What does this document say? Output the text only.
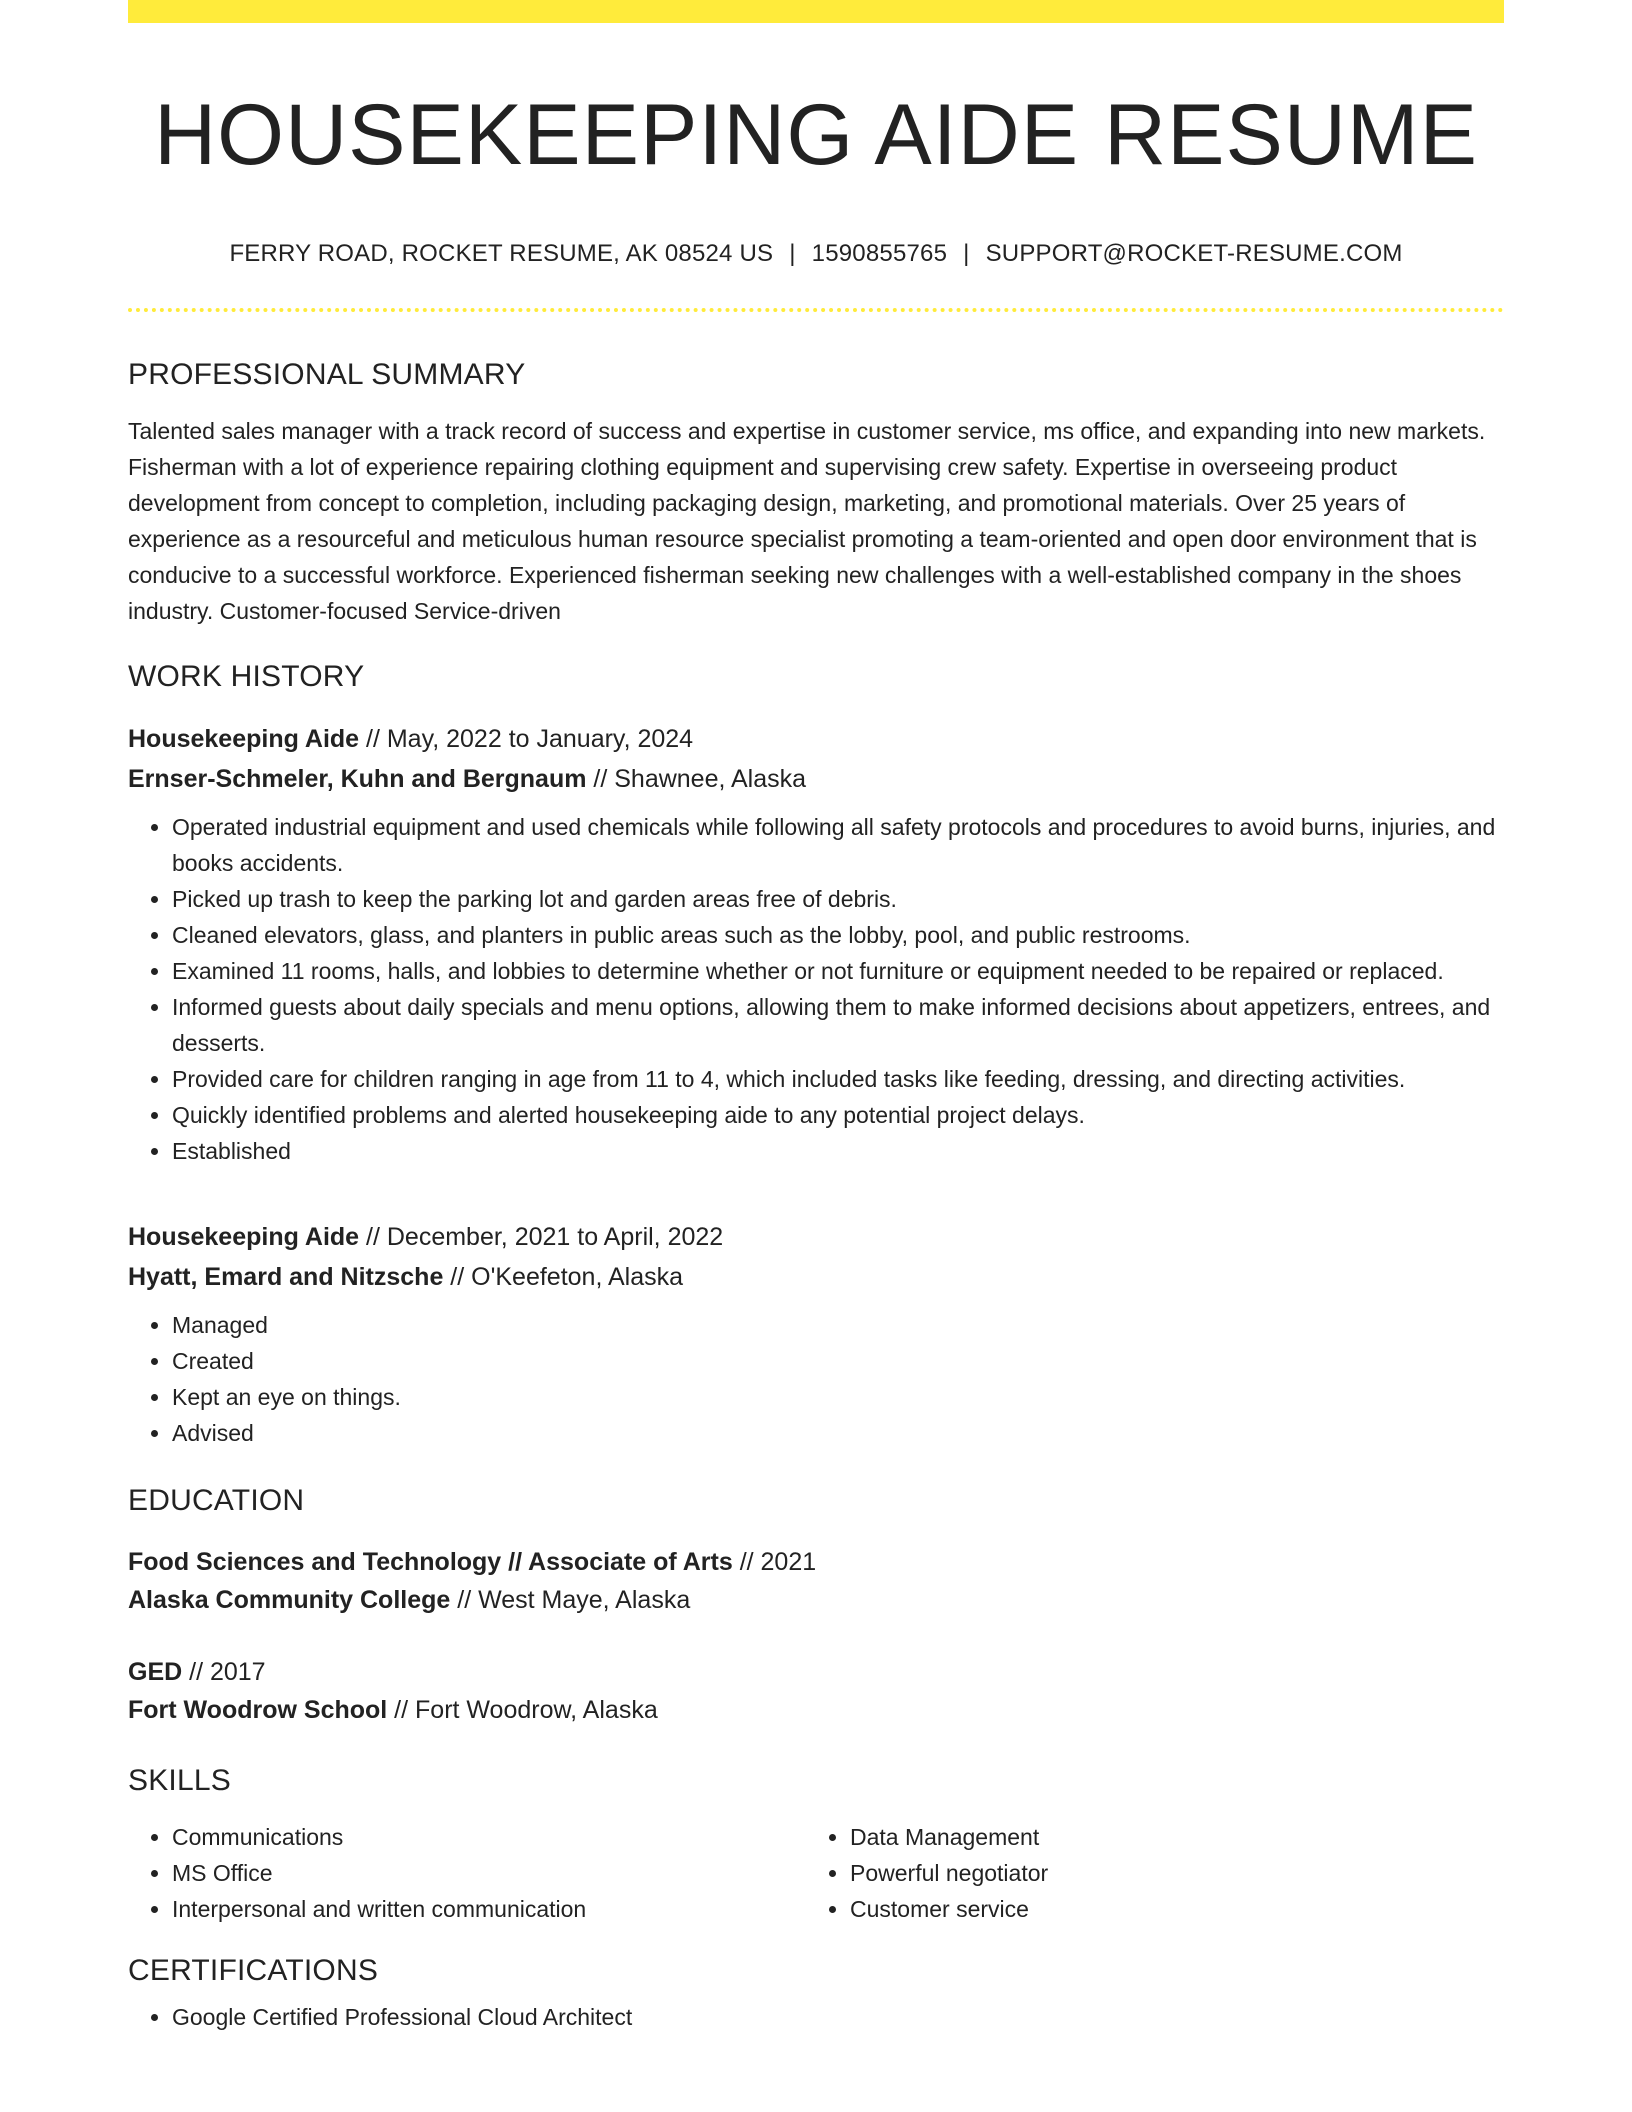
HOUSEKEEPING AIDE RESUME
FERRY ROAD, ROCKET RESUME, AK 08524 US | 1590855765 | SUPPORT@ROCKET-RESUME.COM
PROFESSIONAL SUMMARY
Talented sales manager with a track record of success and expertise in customer service, ms office, and expanding into new markets. Fisherman with a lot of experience repairing clothing equipment and supervising crew safety. Expertise in overseeing product development from concept to completion, including packaging design, marketing, and promotional materials. Over 25 years of experience as a resourceful and meticulous human resource specialist promoting a team-oriented and open door environment that is conducive to a successful workforce. Experienced fisherman seeking new challenges with a well-established company in the shoes industry. Customer-focused Service-driven
WORK HISTORY
Housekeeping Aide // May, 2022 to January, 2024
Ernser-Schmeler, Kuhn and Bergnaum // Shawnee, Alaska
• Operated industrial equipment and used chemicals while following all safety protocols and procedures to avoid burns, injuries, and books accidents.
• Picked up trash to keep the parking lot and garden areas free of debris.
• Cleaned elevators, glass, and planters in public areas such as the lobby, pool, and public restrooms.
• Examined 11 rooms, halls, and lobbies to determine whether or not furniture or equipment needed to be repaired or replaced.
• Informed guests about daily specials and menu options, allowing them to make informed decisions about appetizers, entrees, and desserts.
• Provided care for children ranging in age from 11 to 4, which included tasks like feeding, dressing, and directing activities.
• Quickly identified problems and alerted housekeeping aide to any potential project delays.
• Established
Housekeeping Aide // December, 2021 to April, 2022
Hyatt, Emard and Nitzsche // O'Keefeton, Alaska
• Managed
• Created
• Kept an eye on things.
• Advised
EDUCATION
Food Sciences and Technology // Associate of Arts // 2021
Alaska Community College // West Maye, Alaska
GED // 2017
Fort Woodrow School // Fort Woodrow, Alaska
SKILLS
• Communications
• MS Office
• Interpersonal and written communication
• Data Management
• Powerful negotiator
• Customer service
CERTIFICATIONS
• Google Certified Professional Cloud Architect
